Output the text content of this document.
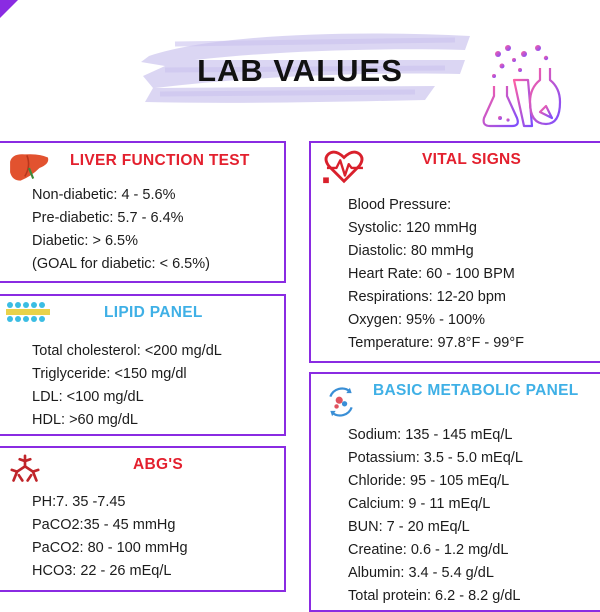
LAB VALUES
LIVER FUNCTION TEST
Non-diabetic: 4 - 5.6%
Pre-diabetic: 5.7 - 6.4%
Diabetic: > 6.5%
(GOAL for diabetic: < 6.5%)
LIPID PANEL
Total cholesterol: <200 mg/dL
Triglyceride: <150 mg/dl
LDL: <100 mg/dL
HDL: >60 mg/dL
ABG'S
PH:7. 35 -7.45
PaCO2:35 - 45 mmHg
PaCO2: 80 - 100 mmHg
HCO3: 22 - 26 mEq/L
VITAL SIGNS
Blood Pressure:
Systolic: 120 mmHg
Diastolic: 80 mmHg
Heart Rate: 60 - 100 BPM
Respirations: 12-20 bpm
Oxygen: 95% - 100%
Temperature: 97.8°F - 99°F
BASIC METABOLIC PANEL
Sodium: 135 - 145 mEq/L
Potassium: 3.5 - 5.0 mEq/L
Chloride: 95 - 105 mEq/L
Calcium: 9 - 11 mEq/L
BUN: 7 - 20 mEq/L
Creatine: 0.6 - 1.2 mg/dL
Albumin: 3.4 - 5.4 g/dL
Total protein: 6.2 - 8.2 g/dL
